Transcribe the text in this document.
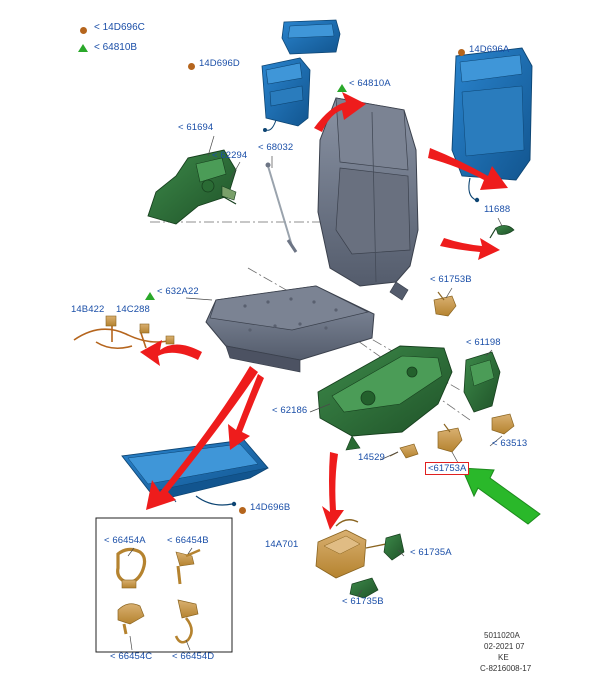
< 14D696C
< 64810B
14D696D
< 64810A
14D696A
< 61694
< 62294
< 68032
11688
< 61753B
< 632A22
14B422 14C288
< 61198
< 62186
< 63513
14529
14D696B
14A701
< 61735A
< 61735B
< 66454A < 66454B
< 66454C < 66454D
<61753A
5011020A
02-2021 07
KE
C-8216008-17
